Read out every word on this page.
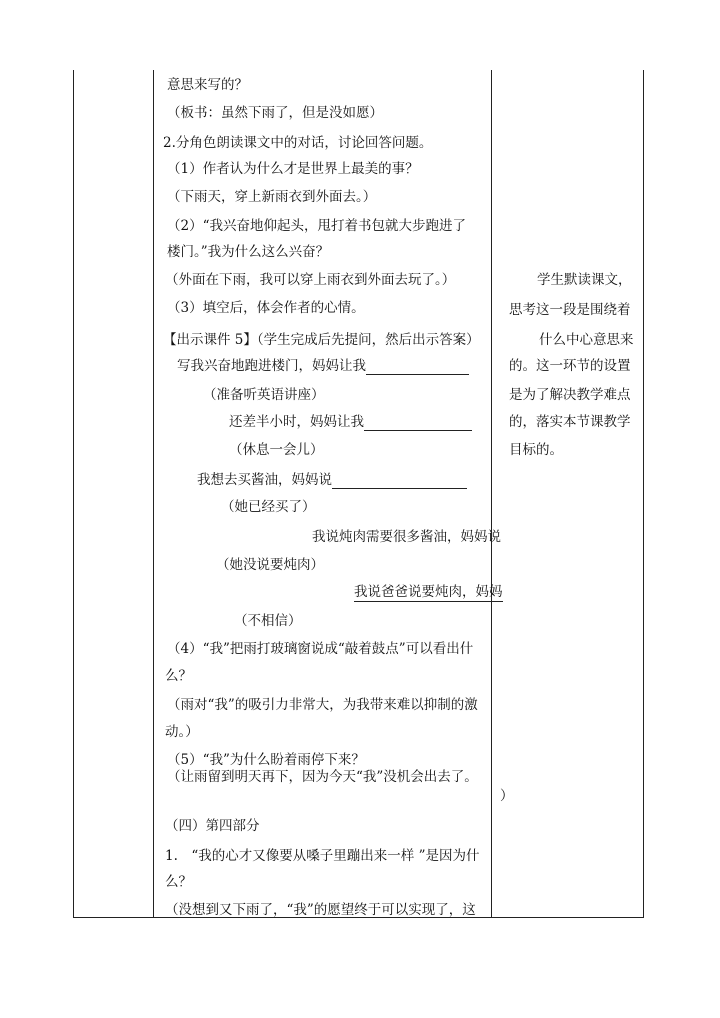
意思来写的？
（板书：虽然下雨了，但是没如愿）
2.分角色朗读课文中的对话，讨论回答问题。
（1）作者认为什么才是世界上最美的事？
（下雨天，穿上新雨衣到外面去。）
（2）“我兴奋地仰起头，甩打着书包就大步跑进了
楼门。”我为什么这么兴奋？
（外面在下雨，我可以穿上雨衣到外面去玩了。）
（3）填空后，体会作者的心情。
【出示课件 5】（学生完成后先提问，然后出示答案）
写我兴奋地跑进楼门，妈妈让我
（准备听英语讲座）
还差半小时，妈妈让我
（休息一会儿）
我想去买酱油，妈妈说
（她已经买了）
我说炖肉需要很多酱油，妈妈说
（她没说要炖肉）
我说爸爸说要炖肉，妈妈
（不相信）
（4）“我”把雨打玻璃窗说成“敲着鼓点”可以看出什
么？
（雨对“我”的吸引力非常大，为我带来难以抑制的激
动。）
（5）“我”为什么盼着雨停下来？
（让雨留到明天再下，因为今天“我”没机会出去了。
）
（四）第四部分
1.　“我的心才又像要从嗓子里蹦出来一样 ”是因为什
么？
（没想到又下雨了，“我”的愿望终于可以实现了，这
学生默读课文，
思考这一段是围绕着
什么中心意思来
的。这一环节的设置
是为了解决教学难点
的，落实本节课教学
目标的。
